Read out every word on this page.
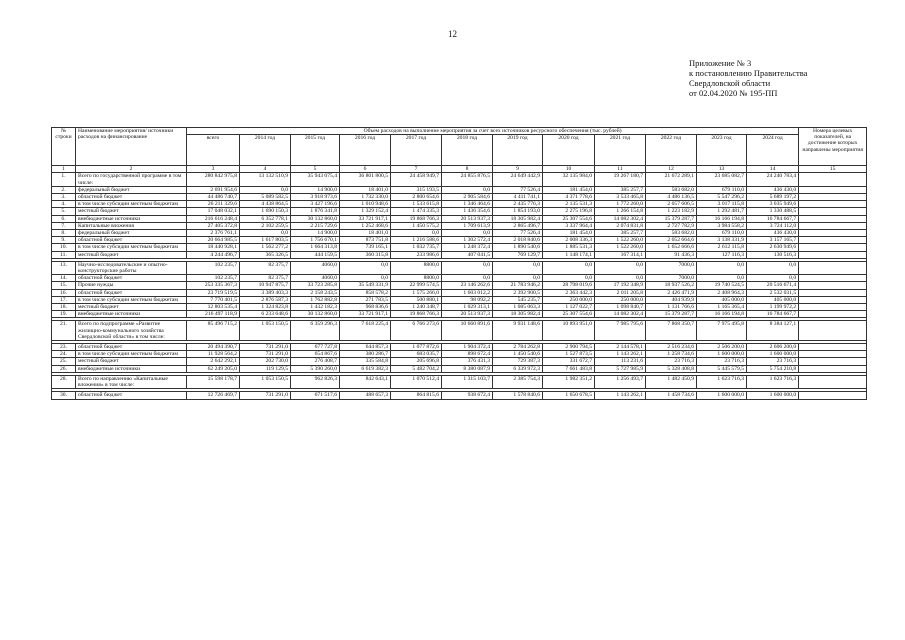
12
Приложение № 3
к постановлению Правительства
Свердловской области
от 02.04.2020 № 195-ПП
№ строки	Наименование мероприятия/ источники расходов на финансирование	Объем расходов на выполнение мероприятия за счет всех источников ресурсного обеспечения (тыс. рублей)												Номера целевых показателей, на достижение которых направлены мероприятия
		всего	2014 год	2015 год	2016 год	2017 год	2018 год	2019 год	2020 год	2021 год	2022 год	2023 год	2024 год	
1	2	3	4	5	6	7	8	9	10	11	12	13	14	15
1.	Всего по государственной программе в том числе:	280 842 975,8	13 132 510,9	35 943 075,4	36 801 800,5	24 458 949,7	24 855 876,5	24 649 442,9	32 135 984,0	19 267 180,7	21 672 289,1	23 685 082,7	24 240 783,4	
2.	федеральный бюджет	2 691 954,6	0,0	14 900,0	18 401,0	315 193,5	0,0	77 526,4	181 454,0	385 257,7	583 682,0	679 110,0	436 430,0	
3.	областной бюджет	44 486 740,7	5 089 582,5	3 918 973,6	1 732 330,0	2 800 654,6	2 905 584,6	4 411 741,1	4 371 778,6	3 533 465,8	4 486 136,5	5 547 296,2	5 689 197,2	
4.	в том числе субсидии местным бюджетам	26 211 329,6	4 438 864,5	3 427 196,6	1 010 948,6	1 533 615,8	1 346 464,6	2 435 776,3	2 135 531,3	1 772 260,0	2 057 606,5	3 017 115,8	3 035 949,6	
5.	местный бюджет	17 048 032,1	1 690 150,3	1 876 341,8	1 329 152,4	1 474 335,3	1 436 354,6	1 854 193,0	2 275 196,8	1 266 154,8	1 223 182,9	1 292 481,7	1 330 488,5	
6.	внебюджетные источники	216 616 248,4	6 352 778,1	30 132 860,0	33 721 917,1	19 868 766,3	20 513 937,3	18 305 982,4	25 307 554,6	14 082 302,4	15 379 287,7	16 166 194,8	16 784 667,7	
7.	Капитальные вложения	27 405 372,8	2 102 259,5	2 215 729,6	1 252 468,6	1 450 575,2	1 709 613,9	2 865 496,7	3 337 964,4	2 074 831,8	2 727 782,9	3 984 558,2	3 724 112,0	
8.	федеральный бюджет	2 376 761,1	0,0	14 900,0	18 401,0	0,0	0,0	77 526,4	181 454,0	385 257,7	583 682,0	679 110,0	436 430,0	
9.	областной бюджет	20 664 985,5	1 617 803,5	1 756 670,1	873 751,8	1 216 588,6	1 302 572,4	2 018 840,6	2 008 336,3	1 522 260,0	2 052 664,6	3 138 331,9	3 157 165,7	
10.	в том числе субсидии местным бюджетам	18 440 928,1	1 562 277,2	1 664 313,8	739 165,1	1 032 735,7	1 248 372,4	1 890 540,6	1 885 531,3	1 522 260,0	1 652 666,6	2 612 115,8	2 630 949,6	
11.	местный бюджет	4 244 496,7	365 326,5	444 159,5	360 315,8	233 986,6	407 041,5	769 129,7	1 148 174,1	167 314,1	91 436,3	127 116,3	130 516,3	

13.	Научно-исследовательские и опытно-конструкторские работы	102 235,7	82 375,7	4060,0	0,0	8800,0	0,0	0,0	0,0	0,0	7000,0	0,0	0,0	
14.	областной бюджет	102 235,7	82 375,7	4060,0	0,0	8800,0	0,0	0,0	0,0	0,0	7000,0	0,0	0,0	
15.	Прочие нужды	253 335 367,3	10 947 875,7	33 723 285,8	35 549 331,9	22 999 574,5	23 146 262,6	21 783 946,2	28 798 019,6	17 192 348,9	18 937 526,2	19 740 524,5	20 516 671,4	
16.	областной бюджет	23 719 519,5	3 389 403,3	2 158 243,5	858 578,2	1 575 266,0	1 603 012,2	2 392 900,5	2 363 442,3	2 011 205,8	2 426 471,9	2 408 964,3	2 532 031,5	
17.	в том числе субсидии местным бюджетам	7 770 401,5	2 876 587,3	1 762 882,8	271 783,5	500 880,1	98 092,2	545 235,7	250 000,0	250 000,0	404 939,9	405 000,0	405 000,0	
18.	местный бюджет	12 803 535,4	1 324 823,8	1 432 182,3	968 836,6	1 240 348,7	1 029 313,1	1 085 063,3	1 127 022,7	1 098 840,7	1 131 766,6	1 165 365,4	1 199 972,2	
19.	внебюджетные источники	216 497 118,9	6 233 648,6	30 132 860,0	33 721 917,1	19 868 766,3	20 513 937,3	18 305 982,4	25 307 554,6	14 082 302,4	15 379 287,7	16 166 194,8	16 784 667,7	

21.	Всего по подпрограмме «Развитие жилищно-коммунального хозяйства Свердловской области» в том числе:	85 496 715,2	1 053 150,5	6 359 296,3	7 618 225,4	6 766 273,6	10 660 891,6	9 931 148,6	10 893 951,0	7 985 795,6	7 868 350,7	7 975 495,8	8 384 127,1	

23.	областной бюджет	20 494 390,7	731 291,0	677 727,8	644 857,3	1 077 872,6	1 904 372,4	2 784 262,8	2 900 794,5	2 144 578,1	2 516 234,6	2 506 200,0	2 606 200,0	
24.	в том числе субсидии местным бюджетам	11 928 564,2	731 291,0	654 867,6	380 286,7	683 035,7	898 672,4	1 450 540,6	1 527 873,5	1 143 262,1	1 258 734,6	1 600 000,0	1 600 000,0	
25.	местный бюджет	2 642 292,1	202 730,0	276 408,7	335 584,8	205 696,8	376 431,3	729 387,3	331 672,7	113 231,6	23 716,3	23 716,3	23 716,3	
26.	внебюджетные источники	62 249 205,0	119 129,5	5 390 260,0	6 619 382,3	5 482 704,2	8 380 087,9	6 339 972,3	7 661 483,8	5 727 985,9	5 328 408,8	5 445 579,5	5 754 210,8	

28.	Всего по направлению «Капитальные вложения» в том числе:	15 598 178,7	1 053 150,5	962 826,3	842 643,1	1 070 512,4	1 315 103,7	2 385 754,3	1 982 351,2	1 256 493,7	1 482 450,9	1 623 716,3	1 623 716,3	

30.	областной бюджет	12 726 469,7	731 291,0	671 517,6	488 657,3	864 815,6	938 672,4	1 578 840,6	1 650 678,5	1 143 262,1	1 458 734,6	1 600 000,0	1 600 000,0	
